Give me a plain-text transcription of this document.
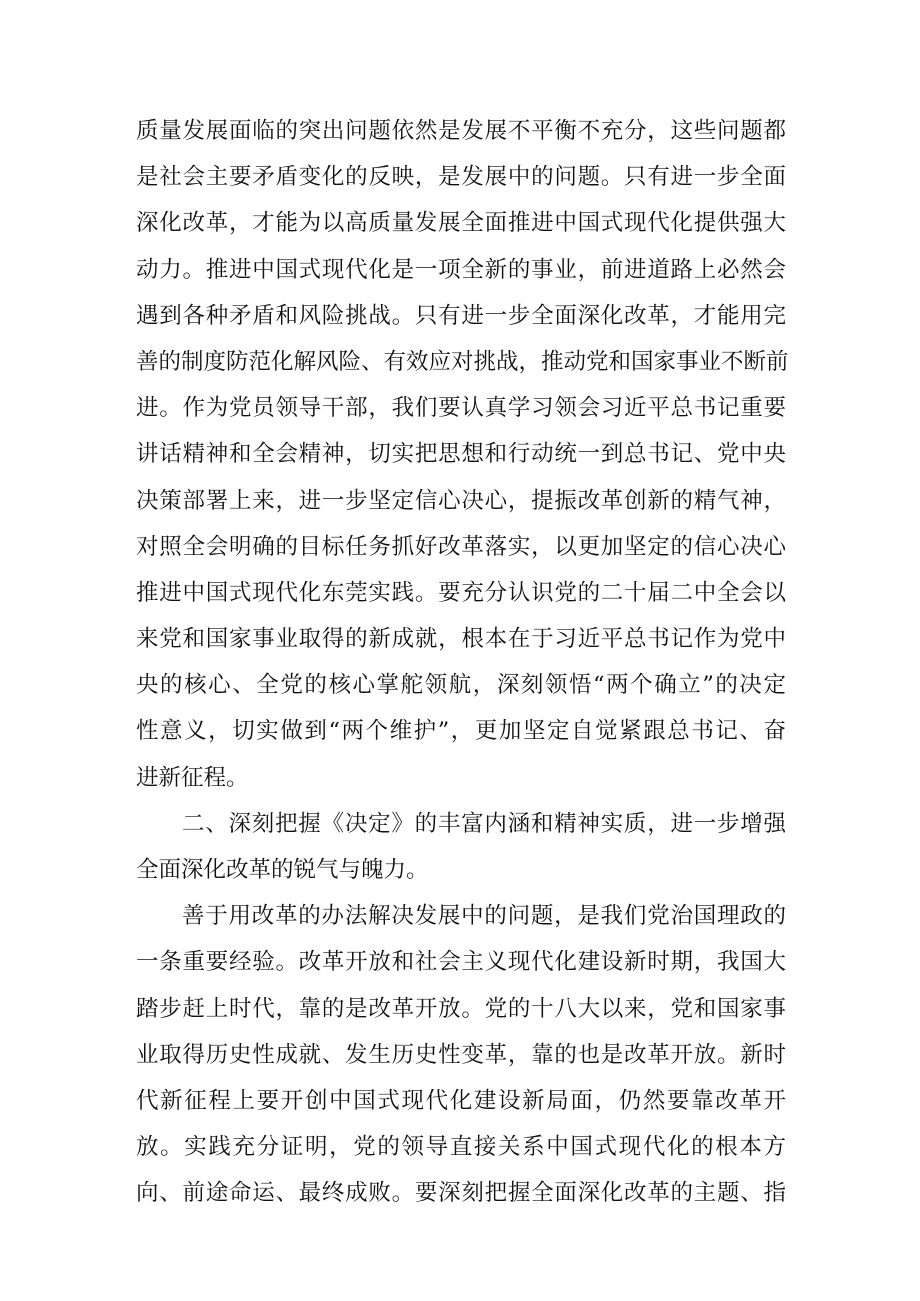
质量发展面临的突出问题依然是发展不平衡不充分，这些问题都
是社会主要矛盾变化的反映，是发展中的问题。只有进一步全面
深化改革，才能为以高质量发展全面推进中国式现代化提供强大
动力。推进中国式现代化是一项全新的事业，前进道路上必然会
遇到各种矛盾和风险挑战。只有进一步全面深化改革，才能用完
善的制度防范化解风险、有效应对挑战，推动党和国家事业不断前
进。作为党员领导干部，我们要认真学习领会习近平总书记重要
讲话精神和全会精神，切实把思想和行动统一到总书记、党中央
决策部署上来，进一步坚定信心决心，提振改革创新的精气神，
对照全会明确的目标任务抓好改革落实，以更加坚定的信心决心
推进中国式现代化东莞实践。要充分认识党的二十届二中全会以
来党和国家事业取得的新成就，根本在于习近平总书记作为党中
央的核心、全党的核心掌舵领航，深刻领悟“两个确立”的决定
性意义，切实做到“两个维护”，更加坚定自觉紧跟总书记、奋
进新征程。
二、深刻把握《决定》的丰富内涵和精神实质，进一步增强
全面深化改革的锐气与魄力。
善于用改革的办法解决发展中的问题，是我们党治国理政的
一条重要经验。改革开放和社会主义现代化建设新时期，我国大
踏步赶上时代，靠的是改革开放。党的十八大以来，党和国家事
业取得历史性成就、发生历史性变革，靠的也是改革开放。新时
代新征程上要开创中国式现代化建设新局面，仍然要靠改革开
放。实践充分证明，党的领导直接关系中国式现代化的根本方
向、前途命运、最终成败。要深刻把握全面深化改革的主题、指
